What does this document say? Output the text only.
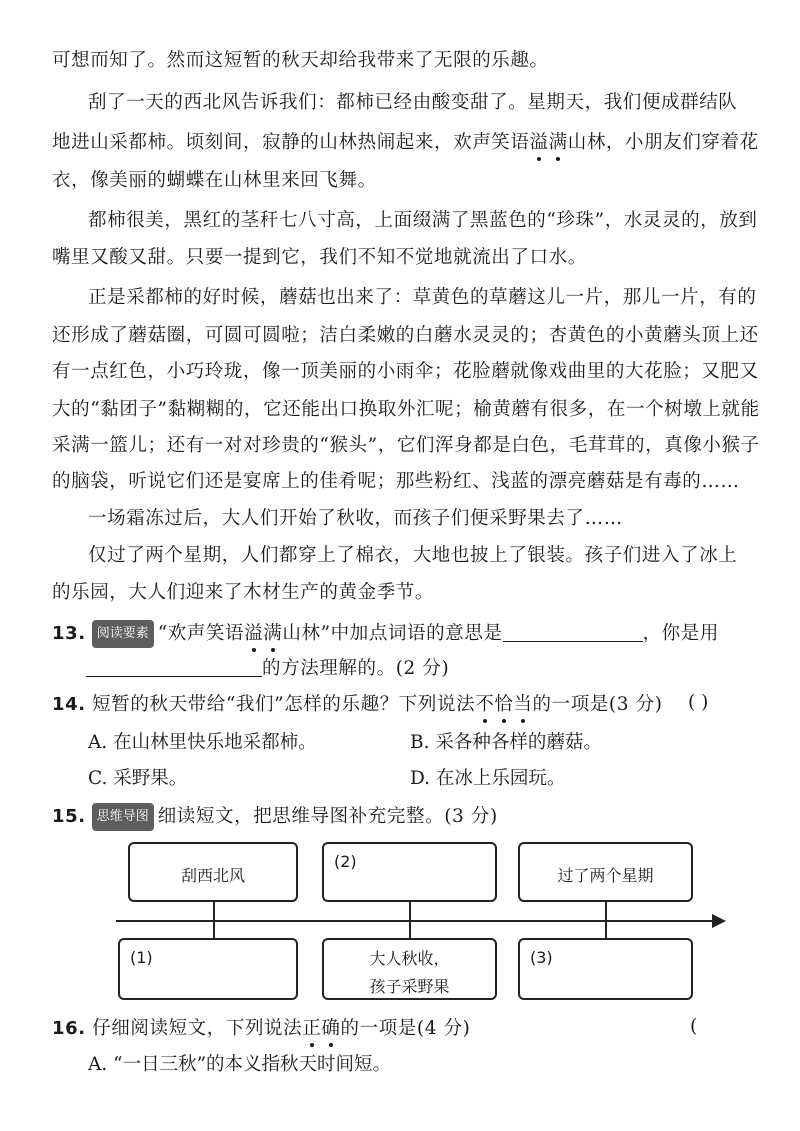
可想而知了。然而这短暂的秋天却给我带来了无限的乐趣。
刮了一天的西北风告诉我们：都柿已经由酸变甜了。星期天，我们便成群结队
地进山采都柿。顷刻间，寂静的山林热闹起来，欢声笑语溢满山林，小朋友们穿着花
衣，像美丽的蝴蝶在山林里来回飞舞。
都柿很美，黑红的茎秆七八寸高，上面缀满了黑蓝色的“珍珠”，水灵灵的，放到
嘴里又酸又甜。只要一提到它，我们不知不觉地就流出了口水。
正是采都柿的好时候，蘑菇也出来了：草黄色的草蘑这儿一片，那儿一片，有的
还形成了蘑菇圈，可圆可圆啦；洁白柔嫩的白蘑水灵灵的；杏黄色的小黄蘑头顶上还
有一点红色，小巧玲珑，像一顶美丽的小雨伞；花脸蘑就像戏曲里的大花脸；又肥又
大的“黏团子”黏糊糊的，它还能出口换取外汇呢；榆黄蘑有很多，在一个树墩上就能
采满一篮儿；还有一对对珍贵的“猴头”，它们浑身都是白色，毛茸茸的，真像小猴子
的脑袋，听说它们还是宴席上的佳肴呢；那些粉红、浅蓝的漂亮蘑菇是有毒的……
一场霜冻过后，大人们开始了秋收，而孩子们便采野果去了……
仅过了两个星期，人们都穿上了棉衣，大地也披上了银装。孩子们进入了冰上
的乐园，大人们迎来了木材生产的黄金季节。
13. 阅读要素 “欢声笑语溢满山林”中加点词语的意思是	，你是用
的方法理解的。(2 分)
14. 短暂的秋天带给“我们”怎样的乐趣？下列说法不恰当的一项是(3 分) ( )
A. 在山林里快乐地采都柿。	B. 采各种各样的蘑菇。
C. 采野果。	D. 在冰上乐园玩。
15. 思维导图 细读短文，把思维导图补充完整。(3 分)
刮西北风
(2)
过了两个星期
(1)	大人秋收，
孩子采野果
(3)
16. 仔细阅读短文，下列说法正确的一项是(4 分)	(
A. “一日三秋”的本义指秋天时间短。
